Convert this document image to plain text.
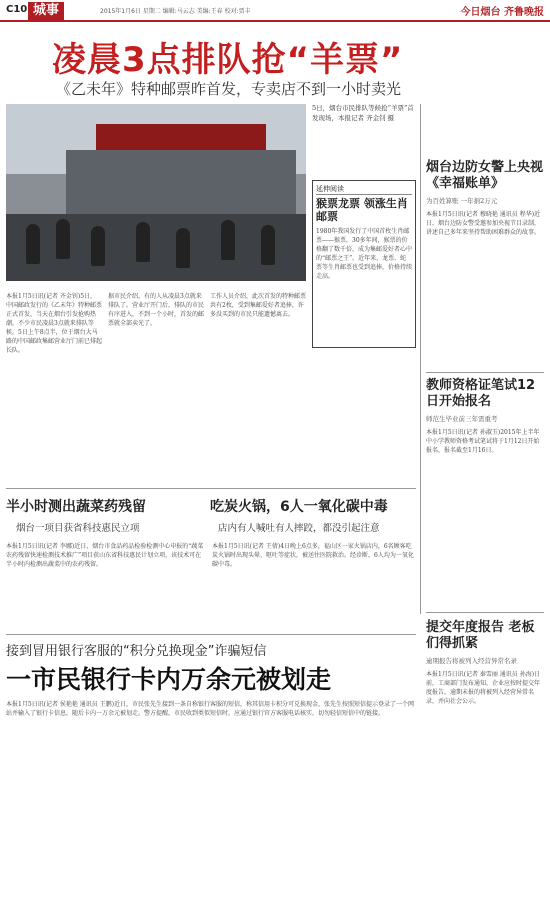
C10 城事	2015年1月6日 星期二 编辑:马云志 美编:王春 校对:贾丰	今日烟台 齐鲁晚报
凌晨3点排队抢“羊票”
《乙未年》特种邮票昨首发，专卖店不到一小时卖光
5日，烟台市民排队等候抢“羊票”首发现场，本报记者 齐金钊 摄
延伸阅读
猴票龙票 领涨生肖邮票
1980年我国发行了中国首枚生肖邮票——猴票，30多年间，猴票的价格翻了数千倍，成为集邮爱好者心中的“邮票之王”。近年来，龙票、蛇票等生肖邮票也受到追捧，价格持续走高。
本报1月5日讯(记者 齐金钊)5日，中国邮政发行的《乙未年》特种邮票正式首发，当天在烟台引发抢购热潮，不少市民凌晨3点就来排队等候。5日上午8点半，位于烟台大马路的中国邮政集邮营业厅门前已排起长队。
据市民介绍，有的人从凌晨3点就来排队了。营业厅开门后，排队的市民有序进入，不到一个小时，首发的邮票就全部卖光了。
工作人员介绍，此次首发的特种邮票共有2枚，受到集邮爱好者追捧，许多没买到的市民只能遗憾离去。
烟台边防女警上央视《幸福账单》
为百姓算账 一年捐2万元
本报1月5日讯(记者 穆晓艳 通讯员 程华)近日，烟台边防女警受邀参加央视节目录制，讲述自己多年来坚持帮助困难群众的故事。
教师资格证笔试12日开始报名
师范生毕业前三年需重考
本报1月5日讯(记者 孙淑玉)2015年上半年中小学教师资格考试笔试将于1月12日开始报名，报名截至1月16日。
提交年度报告 老板们得抓紧
逾期报告将被列入经营异常名录
本报1月5日讯(记者 秦雪丽 通讯员 孙海)日前，工商部门发布通知，企业应按时提交年度报告，逾期未报的将被列入经营异常名录，并向社会公示。
半小时测出蔬菜药残留
烟台一项目获省科技惠民立项
本报1月5日讯(记者 李娜)近日，烟台市食品药品检验检测中心申报的“蔬菜农药残留快速检测技术推广”项目获山东省科技惠民计划立项，该技术可在半小时内检测出蔬菜中的农药残留。
吃炭火锅，6人一氧化碳中毒
店内有人喊吐有人摔跤，都没引起注意
本报1月5日讯(记者 王倩)4日晚上6点多，福山区一家火锅店内，6名顾客吃炭火锅时出现头晕、呕吐等症状，被送往医院救治。经诊断，6人均为一氧化碳中毒。
接到冒用银行客服的“积分兑换现金”诈骗短信
一市民银行卡内万余元被划走
本报1月5日讯(记者 侯艳艳 通讯员 王鹏)近日，市民张先生接到一条自称银行客服的短信，称其信用卡积分可兑换现金，张先生按照短信提示登录了一个网站并输入了银行卡信息，随后卡内一万余元被划走。警方提醒，市民收到类似短信时，应通过银行官方客服电话核实，切勿轻信短信中的链接。
